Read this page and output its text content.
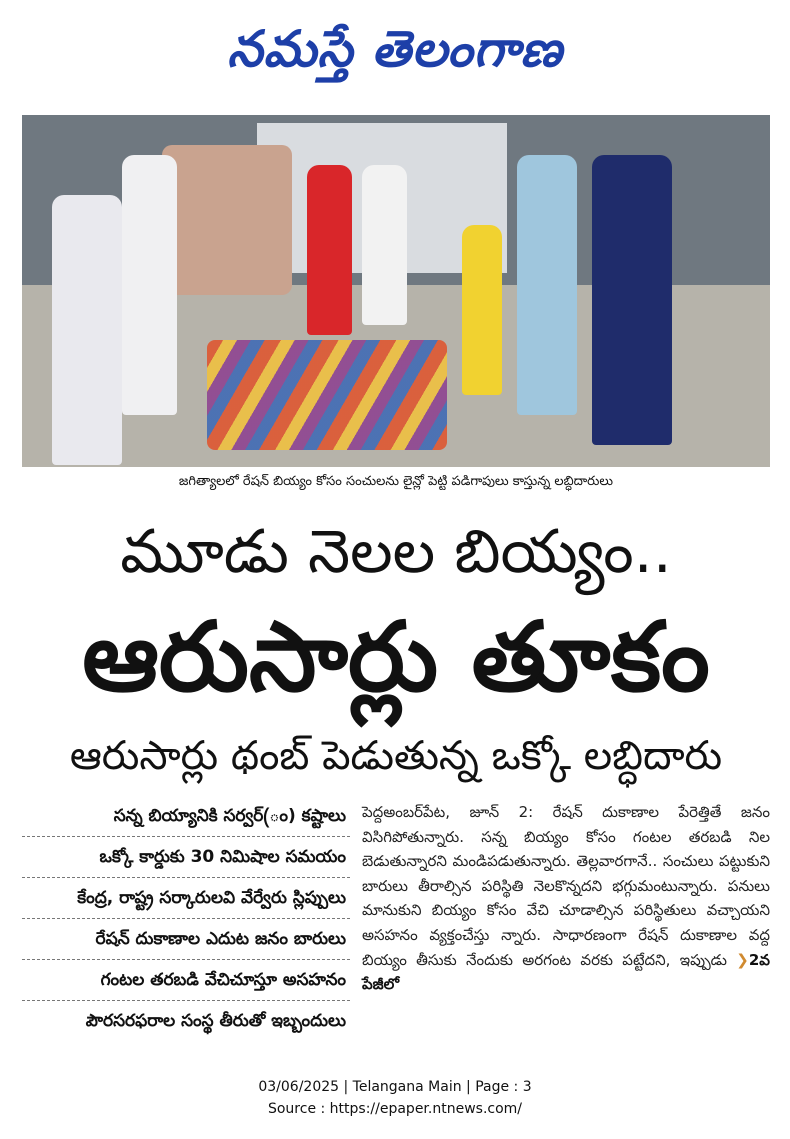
నమస్తే తెలంగాణ
జగిత్యాలలో రేషన్ బియ్యం కోసం సంచులను లైన్లో పెట్టి పడిగాపులు కాస్తున్న లబ్ధిదారులు
మూడు నెలల బియ్యం..
ఆరుసార్లు తూకం
ఆరుసార్లు థంబ్ పెడుతున్న ఒక్కో లబ్ధిదారు
సన్న బియ్యానికి సర్వర్(ం) కష్టాలు
ఒక్కో కార్డుకు 30 నిమిషాల సమయం
కేంద్ర, రాష్ట్ర సర్కారులవి వేర్వేరు స్లిప్పులు
రేషన్ దుకాణాల ఎదుట జనం బారులు
గంటల తరబడి వేచిచూస్తూ అసహనం
పౌరసరఫరాల సంస్థ తీరుతో ఇబ్బందులు
పెద్దఅంబర్‌పేట, జూన్ 2: రేషన్ దుకాణాల పేరెత్తితే జనం విసిగిపోతున్నారు. సన్న బియ్యం కోసం గంటల తరబడి నిల బెడుతున్నారని మండిపడుతున్నారు. తెల్లవారగానే.. సంచులు పట్టుకుని బారులు తీరాల్సిన పరిస్థితి నెలకొన్నదని భగ్గుమంటున్నారు. పనులు మానుకుని బియ్యం కోసం వేచి చూడాల్సిన పరిస్థితులు వచ్చాయని అసహనం వ్యక్తంచేస్తు న్నారు. సాధారణంగా రేషన్ దుకాణాల వద్ద బియ్యం తీసుకు నేందుకు అరగంట వరకు పట్టేదని, ఇప్పుడు ❯2వ పేజీలో
03/06/2025 | Telangana Main | Page : 3
Source : https://epaper.ntnews.com/
